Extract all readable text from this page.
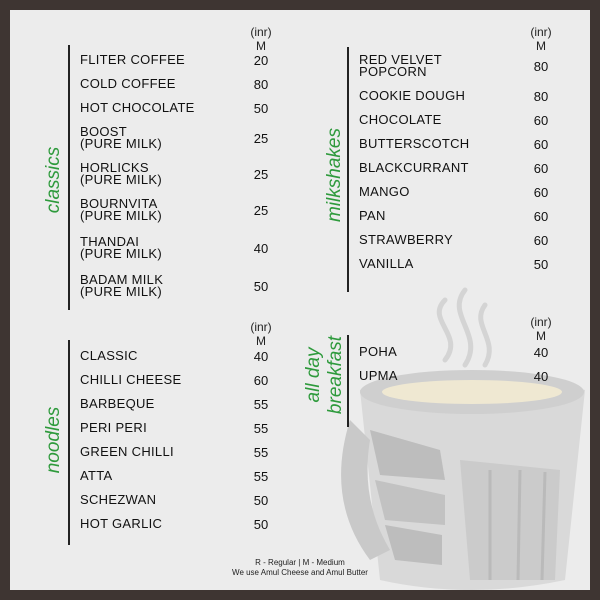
classics
(inr)
M
FLITER COFFEE	20
COLD COFFEE	80
HOT CHOCOLATE	50
BOOST
(PURE MILK)	25
HORLICKS
(PURE MILK)	25
BOURNVITA
(PURE MILK)	25
THANDAI
(PURE MILK)	40
BADAM MILK
(PURE MILK)	50
milkshakes
(inr)
M
RED VELVET
POPCORN	80
COOKIE DOUGH	80
CHOCOLATE	60
BUTTERSCOTCH	60
BLACKCURRANT	60
MANGO	60
PAN	60
STRAWBERRY	60
VANILLA	50
noodles
(inr)
M
CLASSIC	40
CHILLI CHEESE	60
BARBEQUE	55
PERI PERI	55
GREEN CHILLI	55
ATTA	55
SCHEZWAN	50
HOT GARLIC	50
all day breakfast
(inr)
M
POHA	40
UPMA	40
R - Regular | M - Medium
We use Amul Cheese and Amul Butter
